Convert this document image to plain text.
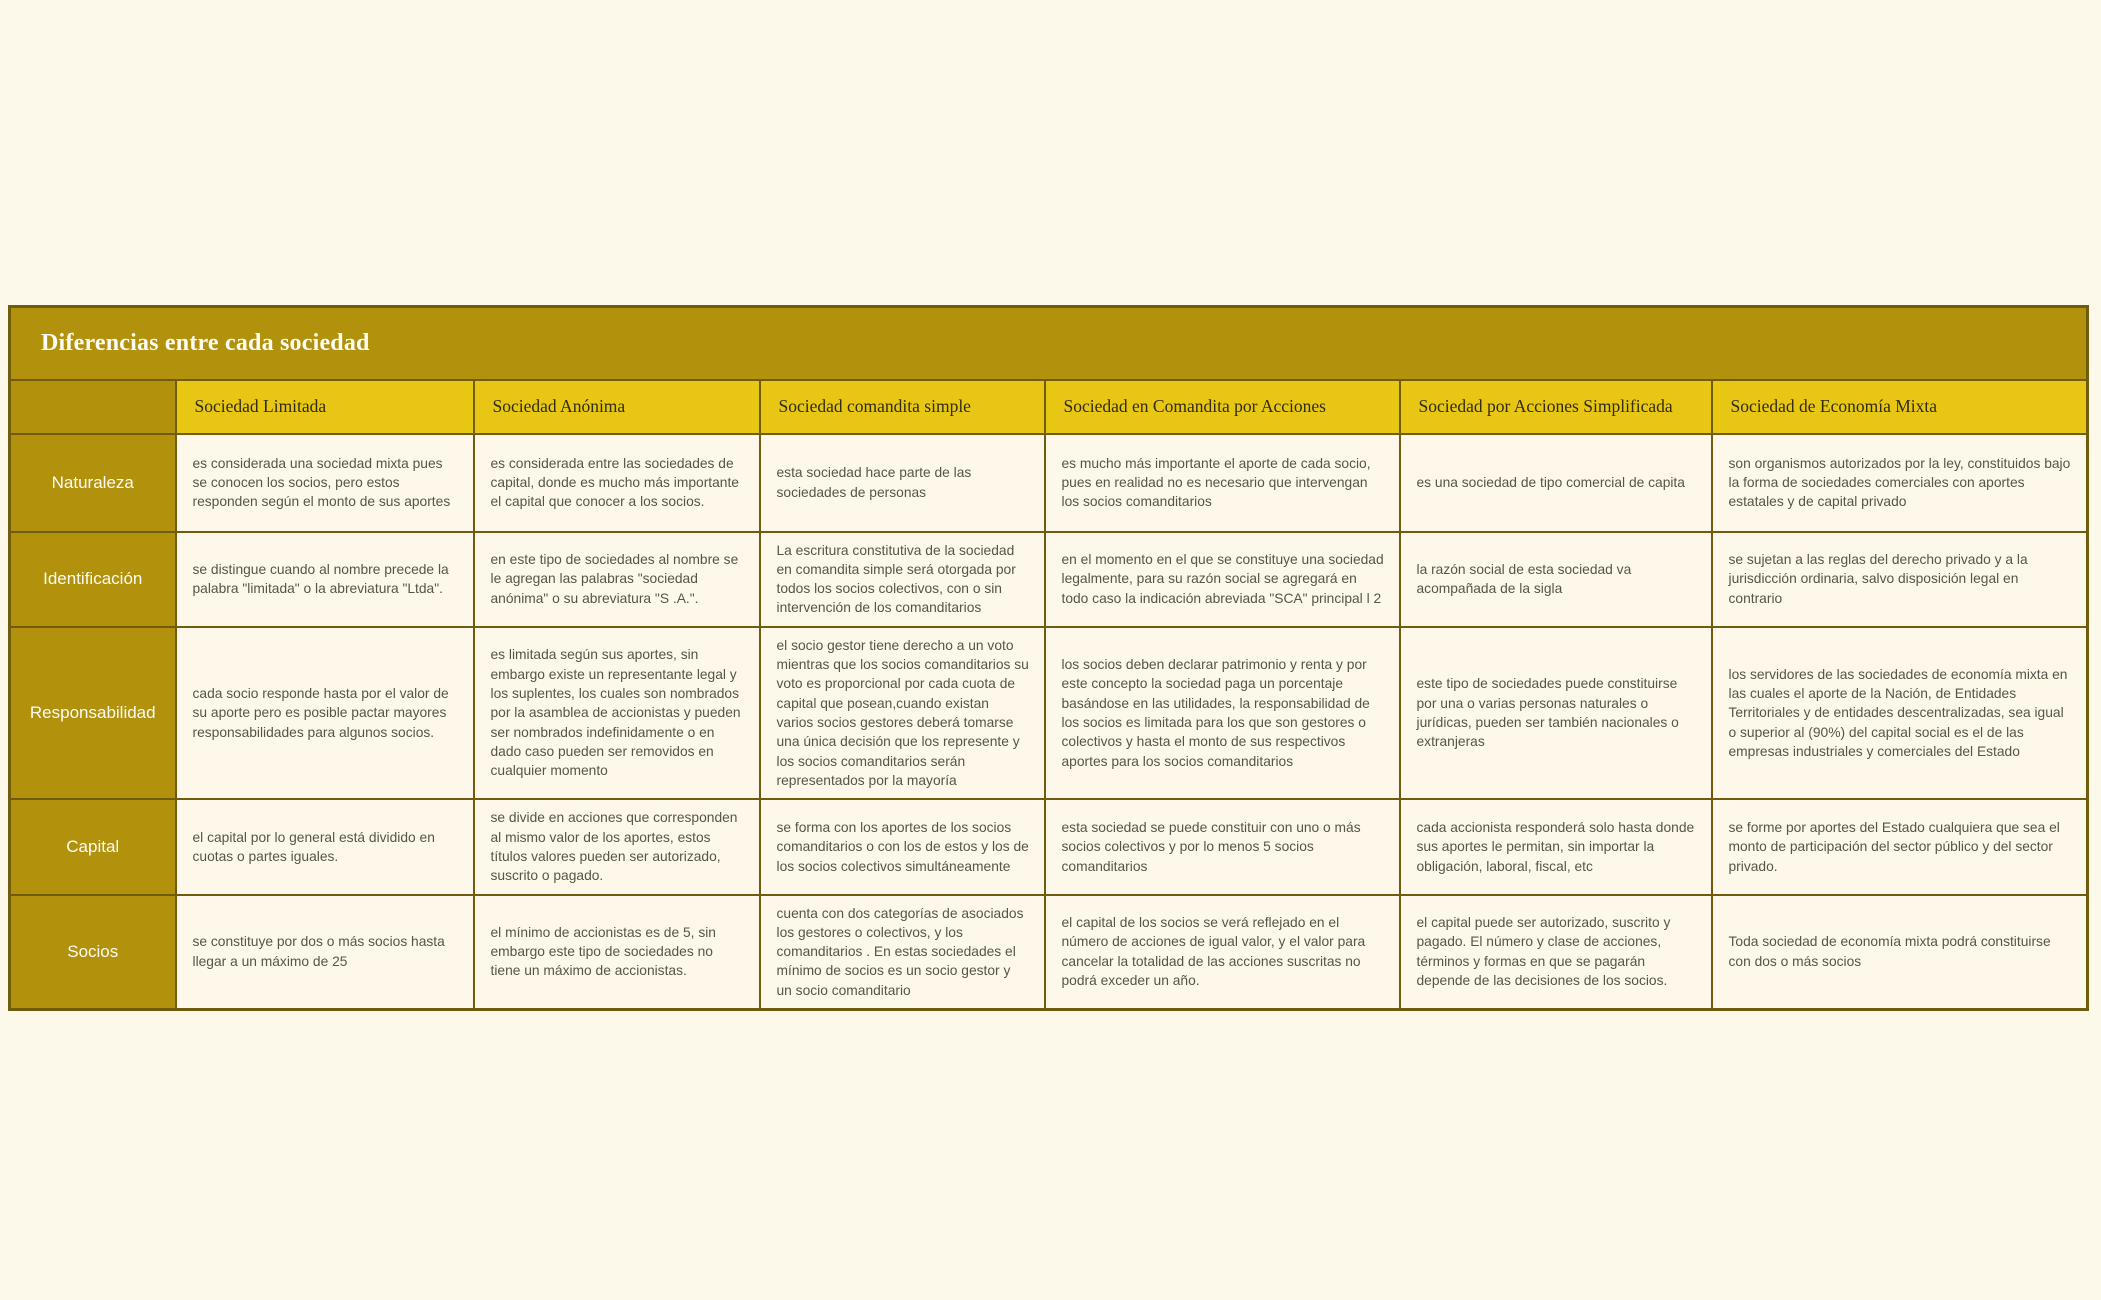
Diferencias entre cada sociedad						
	Sociedad Limitada	Sociedad Anónima	Sociedad comandita simple	Sociedad en Comandita por Acciones	Sociedad por Acciones Simplificada	Sociedad de Economía Mixta
Naturaleza	es considerada una sociedad mixta pues se conocen los socios, pero estos responden según el monto de sus aportes	es considerada entre las sociedades de capital, donde es mucho más importante el capital que conocer a los socios.	esta sociedad hace parte de las sociedades de personas	es mucho más importante el aporte de cada socio, pues en realidad no es necesario que intervengan los socios comanditarios	es una sociedad de tipo comercial de capita	son organismos autorizados por la ley, constituidos bajo la forma de sociedades comerciales con aportes estatales y de capital privado
Identificación	se distingue cuando al nombre precede la palabra "limitada" o la abreviatura "Ltda".	en este tipo de sociedades al nombre se le agregan las palabras "sociedad anónima" o su abreviatura "S .A.".	La escritura constitutiva de la sociedad en comandita simple será otorgada por todos los socios colectivos, con o sin intervención de los comanditarios	en el momento en el que se constituye una sociedad legalmente, para su razón social se agregará en todo caso la indicación abreviada "SCA" principal l 2	la razón social de esta sociedad va acompañada de la sigla	se sujetan a las reglas del derecho privado y a la jurisdicción ordinaria, salvo disposición legal en contrario
Responsabilidad	cada socio responde hasta por el valor de su aporte pero es posible pactar mayores responsabilidades para algunos socios.	es limitada según sus aportes, sin embargo existe un representante legal y los suplentes, los cuales son nombrados por la asamblea de accionistas y pueden ser nombrados indefinidamente o en dado caso pueden ser removidos en cualquier momento	el socio gestor tiene derecho a un voto mientras que los socios comanditarios su voto es proporcional por cada cuota de capital que posean,cuando existan varios socios gestores deberá tomarse una única decisión que los represente y los socios comanditarios serán representados por la mayoría	los socios deben declarar patrimonio y renta y por este concepto la sociedad paga un porcentaje basándose en las utilidades, la responsabilidad de los socios es limitada para los que son gestores o colectivos y hasta el monto de sus respectivos aportes para los socios comanditarios	este tipo de sociedades puede constituirse por una o varias personas naturales o jurídicas, pueden ser también nacionales o extranjeras	los servidores de las sociedades de economía mixta en las cuales el aporte de la Nación, de Entidades Territoriales y de entidades descentralizadas, sea igual o superior al (90%) del capital social es el de las empresas industriales y comerciales del Estado
Capital	el capital por lo general está dividido en cuotas o partes iguales.	se divide en acciones que corresponden al mismo valor de los aportes, estos títulos valores pueden ser autorizado, suscrito o pagado.	se forma con los aportes de los socios comanditarios o con los de estos y los de los socios colectivos simultáneamente	esta sociedad se puede constituir con uno o más socios colectivos y por lo menos 5 socios comanditarios	cada accionista responderá solo hasta donde sus aportes le permitan, sin importar la obligación, laboral, fiscal, etc	se forme por aportes del Estado cualquiera que sea el monto de participación del sector público y del sector privado.
Socios	se constituye por dos o más socios hasta llegar a un máximo de 25	el mínimo de accionistas es de 5, sin embargo este tipo de sociedades no tiene un máximo de accionistas.	cuenta con dos categorías de asociados los gestores o colectivos, y los comanditarios . En estas sociedades el mínimo de socios es un socio gestor y un socio comanditario	el capital de los socios se verá reflejado en el número de acciones de igual valor, y el valor para cancelar la totalidad de las acciones suscritas no podrá exceder un año.	el capital puede ser autorizado, suscrito y pagado. El número y clase de acciones, términos y formas en que se pagarán depende de las decisiones de los socios.	Toda sociedad de economía mixta podrá constituirse con dos o más socios
